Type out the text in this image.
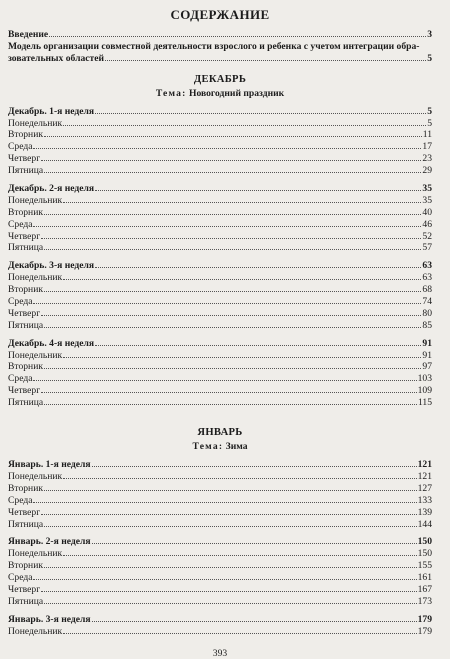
СОДЕРЖАНИЕ
Введение	3
Модель организации совместной деятельности взрослого и ребенка с учетом интеграции обра-
зовательных областей	5
ДЕКАБРЬ
Тема: Новогодний праздник
Декабрь. 1-я неделя	5
Понедельник	5
Вторник	11
Среда	17
Четверг	23
Пятница	29
Декабрь. 2-я неделя	35
Понедельник	35
Вторник	40
Среда	46
Четверг	52
Пятница	57
Декабрь. 3-я неделя	63
Понедельник	63
Вторник	68
Среда	74
Четверг	80
Пятница	85
Декабрь. 4-я неделя	91
Понедельник	91
Вторник	97
Среда	103
Четверг	109
Пятница	115
ЯНВАРЬ
Тема: Зима
Январь. 1-я неделя	121
Понедельник	121
Вторник	127
Среда	133
Четверг	139
Пятница	144
Январь. 2-я неделя	150
Понедельник	150
Вторник	155
Среда	161
Четверг	167
Пятница	173
Январь. 3-я неделя	179
Понедельник	179
393
